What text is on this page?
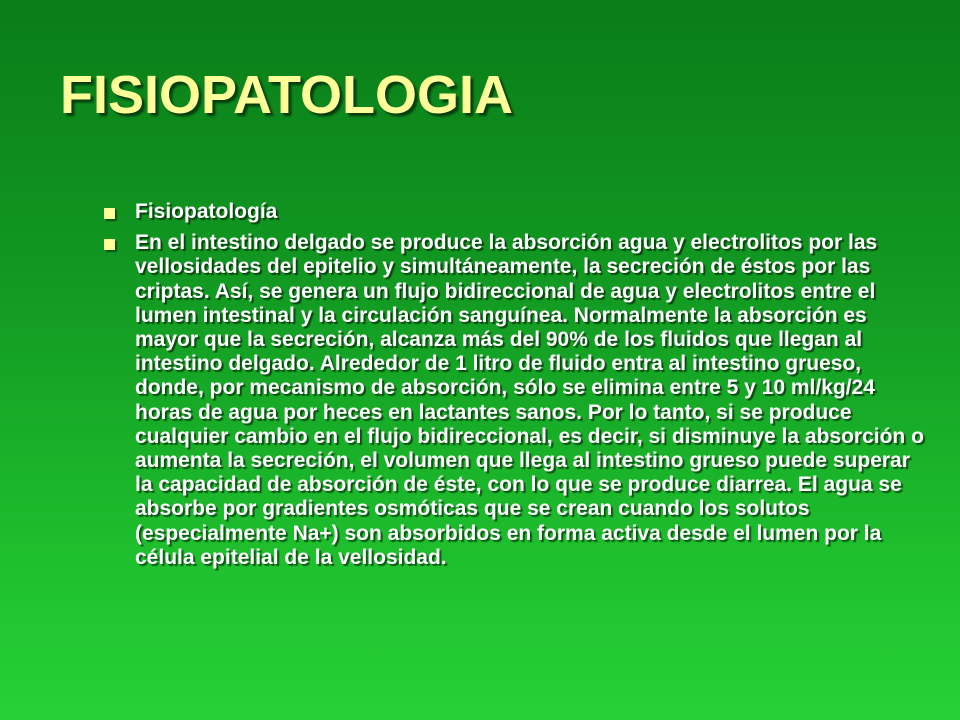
FISIOPATOLOGIA
Fisiopatología
En el intestino delgado se produce la absorción agua y electrolitos por las vellosidades del epitelio y simultáneamente, la secreción de éstos por las criptas. Así, se genera un flujo bidireccional de agua y electrolitos entre el lumen intestinal y la circulación sanguínea. Normalmente la absorción es mayor que la secreción, alcanza más del 90% de los fluidos que llegan al intestino delgado. Alrededor de 1 litro de fluido entra al intestino grueso, donde, por mecanismo de absorción, sólo se elimina entre 5 y 10 ml/kg/24 horas de agua por heces en lactantes sanos. Por lo tanto, si se produce cualquier cambio en el flujo bidireccional, es decir, si disminuye la absorción o aumenta la secreción, el volumen que llega al intestino grueso puede superar la capacidad de absorción de éste, con lo que se produce diarrea. El agua se absorbe por gradientes osmóticas que se crean cuando los solutos (especialmente Na+) son absorbidos en forma activa desde el lumen por la célula epitelial de la vellosidad.
